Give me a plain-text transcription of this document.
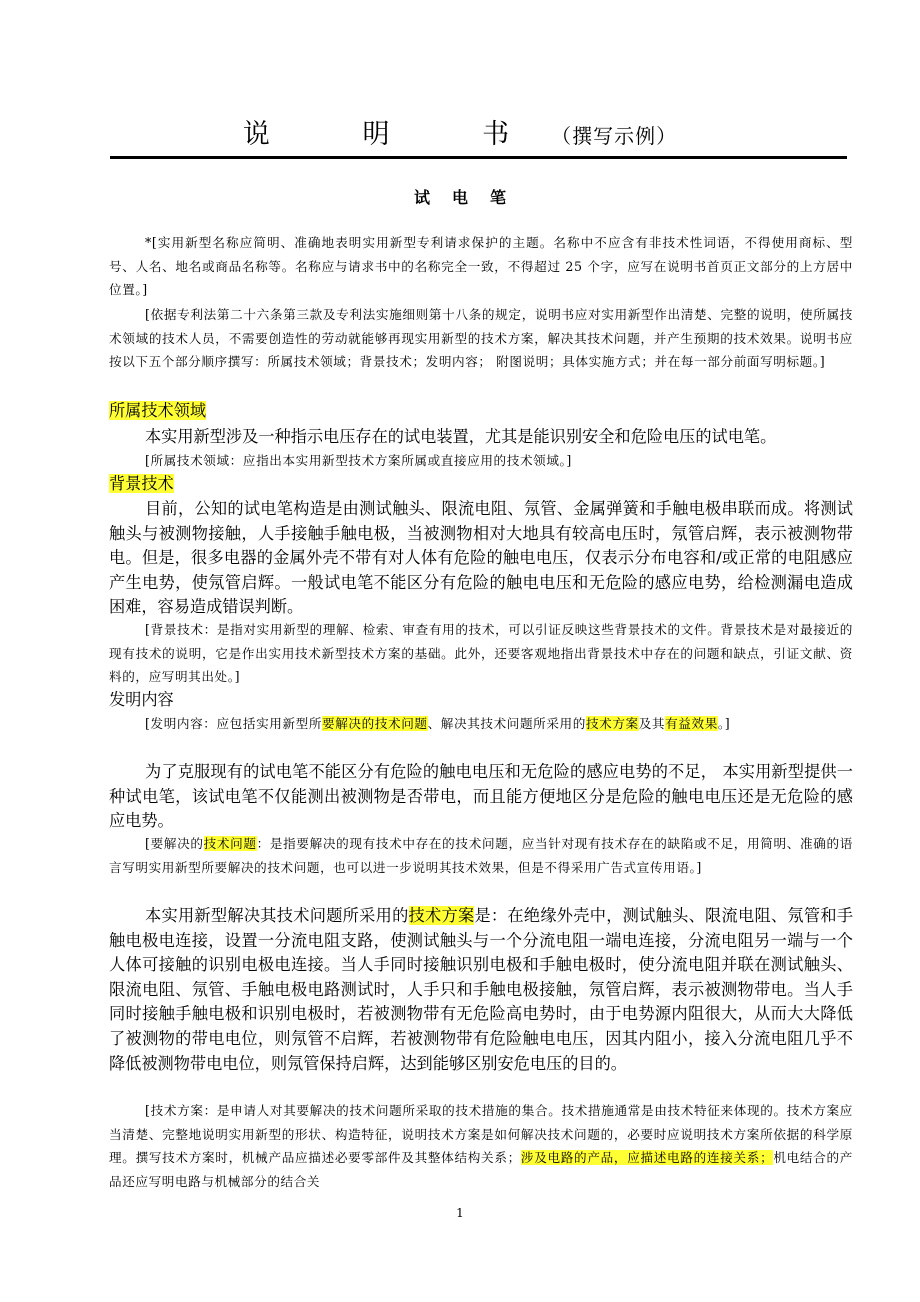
说 明 书（撰写示例）
试电笔

*[实用新型名称应简明、准确地表明实用新型专利请求保护的主题。名称中不应含有非技术性词语，不得使用商标、型号、人名、地名或商品名称等。名称应与请求书中的名称完全一致，不得超过 25 个字，应写在说明书首页正文部分的上方居中位置。]

[依据专利法第二十六条第三款及专利法实施细则第十八条的规定，说明书应对实用新型作出清楚、完整的说明，使所属技术领域的技术人员，不需要创造性的劳动就能够再现实用新型的技术方案，解决其技术问题，并产生预期的技术效果。说明书应按以下五个部分顺序撰写：所属技术领域；背景技术；发明内容； 附图说明；具体实施方式；并在每一部分前面写明标题。]

所属技术领域

本实用新型涉及一种指示电压存在的试电装置，尤其是能识别安全和危险电压的试电笔。

[所属技术领域：应指出本实用新型技术方案所属或直接应用的技术领域。]

背景技术

目前，公知的试电笔构造是由测试触头、限流电阻、氖管、金属弹簧和手触电极串联而成。将测试触头与被测物接触，人手接触手触电极，当被测物相对大地具有较高电压时，氖管启辉，表示被测物带电。但是，很多电器的金属外壳不带有对人体有危险的触电电压，仅表示分布电容和/或正常的电阻感应产生电势，使氖管启辉。一般试电笔不能区分有危险的触电电压和无危险的感应电势，给检测漏电造成困难，容易造成错误判断。

[背景技术：是指对实用新型的理解、检索、审查有用的技术，可以引证反映这些背景技术的文件。背景技术是对最接近的现有技术的说明，它是作出实用技术新型技术方案的基础。此外，还要客观地指出背景技术中存在的问题和缺点，引证文献、资料的，应写明其出处。]

发明内容

[发明内容：应包括实用新型所要解决的技术问题、解决其技术问题所采用的技术方案及其有益效果。]

为了克服现有的试电笔不能区分有危险的触电电压和无危险的感应电势的不足， 本实用新型提供一种试电笔，该试电笔不仅能测出被测物是否带电，而且能方便地区分是危险的触电电压还是无危险的感应电势。

[要解决的技术问题：是指要解决的现有技术中存在的技术问题，应当针对现有技术存在的缺陷或不足，用简明、准确的语言写明实用新型所要解决的技术问题，也可以进一步说明其技术效果，但是不得采用广告式宣传用语。]

本实用新型解决其技术问题所采用的技术方案是：在绝缘外壳中，测试触头、限流电阻、氖管和手触电极电连接，设置一分流电阻支路，使测试触头与一个分流电阻一端电连接，分流电阻另一端与一个人体可接触的识别电极电连接。当人手同时接触识别电极和手触电极时，使分流电阻并联在测试触头、限流电阻、氖管、手触电极电路测试时，人手只和手触电极接触，氖管启辉，表示被测物带电。当人手同时接触手触电极和识别电极时，若被测物带有无危险高电势时，由于电势源内阻很大，从而大大降低了被测物的带电电位，则氖管不启辉，若被测物带有危险触电电压，因其内阻小，接入分流电阻几乎不降低被测物带电电位，则氖管保持启辉，达到能够区别安危电压的目的。

[技术方案：是申请人对其要解决的技术问题所采取的技术措施的集合。技术措施通常是由技术特征来体现的。技术方案应当清楚、完整地说明实用新型的形状、构造特征，说明技术方案是如何解决技术问题的，必要时应说明技术方案所依据的科学原理。撰写技术方案时，机械产品应描述必要零部件及其整体结构关系；涉及电路的产品，应描述电路的连接关系；机电结合的产品还应写明电路与机械部分的结合关

1
